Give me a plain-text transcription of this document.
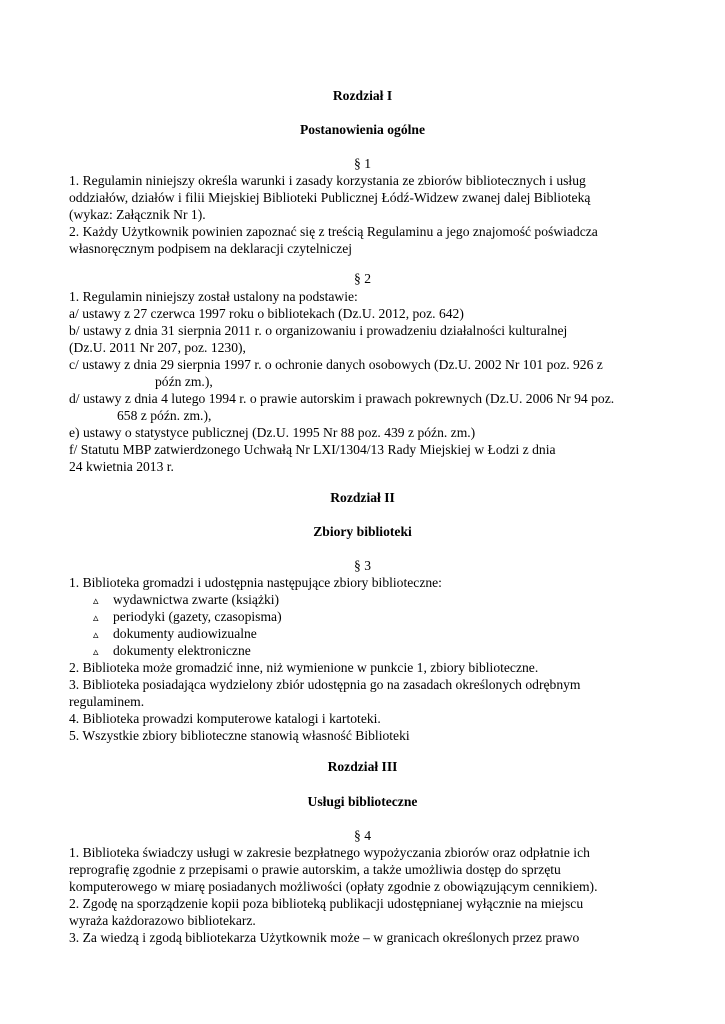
Rozdział I
Postanowienia ogólne
§ 1
1. Regulamin niniejszy określa warunki i zasady korzystania ze zbiorów bibliotecznych i usług
oddziałów, działów i filii Miejskiej Biblioteki Publicznej Łódź-Widzew zwanej dalej Biblioteką
(wykaz: Załącznik Nr 1).
2. Każdy Użytkownik powinien zapoznać się z treścią Regulaminu a jego znajomość poświadcza
własnoręcznym podpisem na deklaracji czytelniczej
§ 2
1. Regulamin niniejszy został ustalony na podstawie:
a/ ustawy z 27 czerwca 1997 roku o bibliotekach (Dz.U. 2012, poz. 642)
b/ ustawy z dnia 31 sierpnia 2011 r. o organizowaniu i prowadzeniu działalności kulturalnej
(Dz.U. 2011 Nr 207, poz. 1230),
c/ ustawy z dnia 29 sierpnia 1997 r. o ochronie danych osobowych (Dz.U. 2002 Nr 101 poz. 926 z
późn zm.),
d/ ustawy z dnia 4 lutego 1994 r. o prawie autorskim i prawach pokrewnych (Dz.U. 2006 Nr 94 poz.
658 z późn. zm.),
e) ustawy o statystyce publicznej (Dz.U. 1995 Nr 88 poz. 439 z późn. zm.)
f/ Statutu MBP zatwierdzonego Uchwałą Nr LXI/1304/13 Rady Miejskiej w Łodzi z dnia
24 kwietnia 2013 r.
Rozdział II
Zbiory biblioteki
§ 3
1. Biblioteka gromadzi i udostępnia następujące zbiory biblioteczne:
▵ wydawnictwa zwarte (książki)
▵ periodyki (gazety, czasopisma)
▵ dokumenty audiowizualne
▵ dokumenty elektroniczne
2. Biblioteka może gromadzić inne, niż wymienione w punkcie 1, zbiory biblioteczne.
3. Biblioteka posiadająca wydzielony zbiór udostępnia go na zasadach określonych odrębnym
regulaminem.
4. Biblioteka prowadzi komputerowe katalogi i kartoteki.
5. Wszystkie zbiory biblioteczne stanowią własność Biblioteki
Rozdział III
Usługi biblioteczne
§ 4
1. Biblioteka świadczy usługi w zakresie bezpłatnego wypożyczania zbiorów oraz odpłatnie ich
reprografię zgodnie z przepisami o prawie autorskim, a także umożliwia dostęp do sprzętu
komputerowego w miarę posiadanych możliwości (opłaty zgodnie z obowiązującym cennikiem).
2. Zgodę na sporządzenie kopii poza biblioteką publikacji udostępnianej wyłącznie na miejscu
wyraża każdorazowo bibliotekarz.
3. Za wiedzą i zgodą bibliotekarza Użytkownik może – w granicach określonych przez prawo
